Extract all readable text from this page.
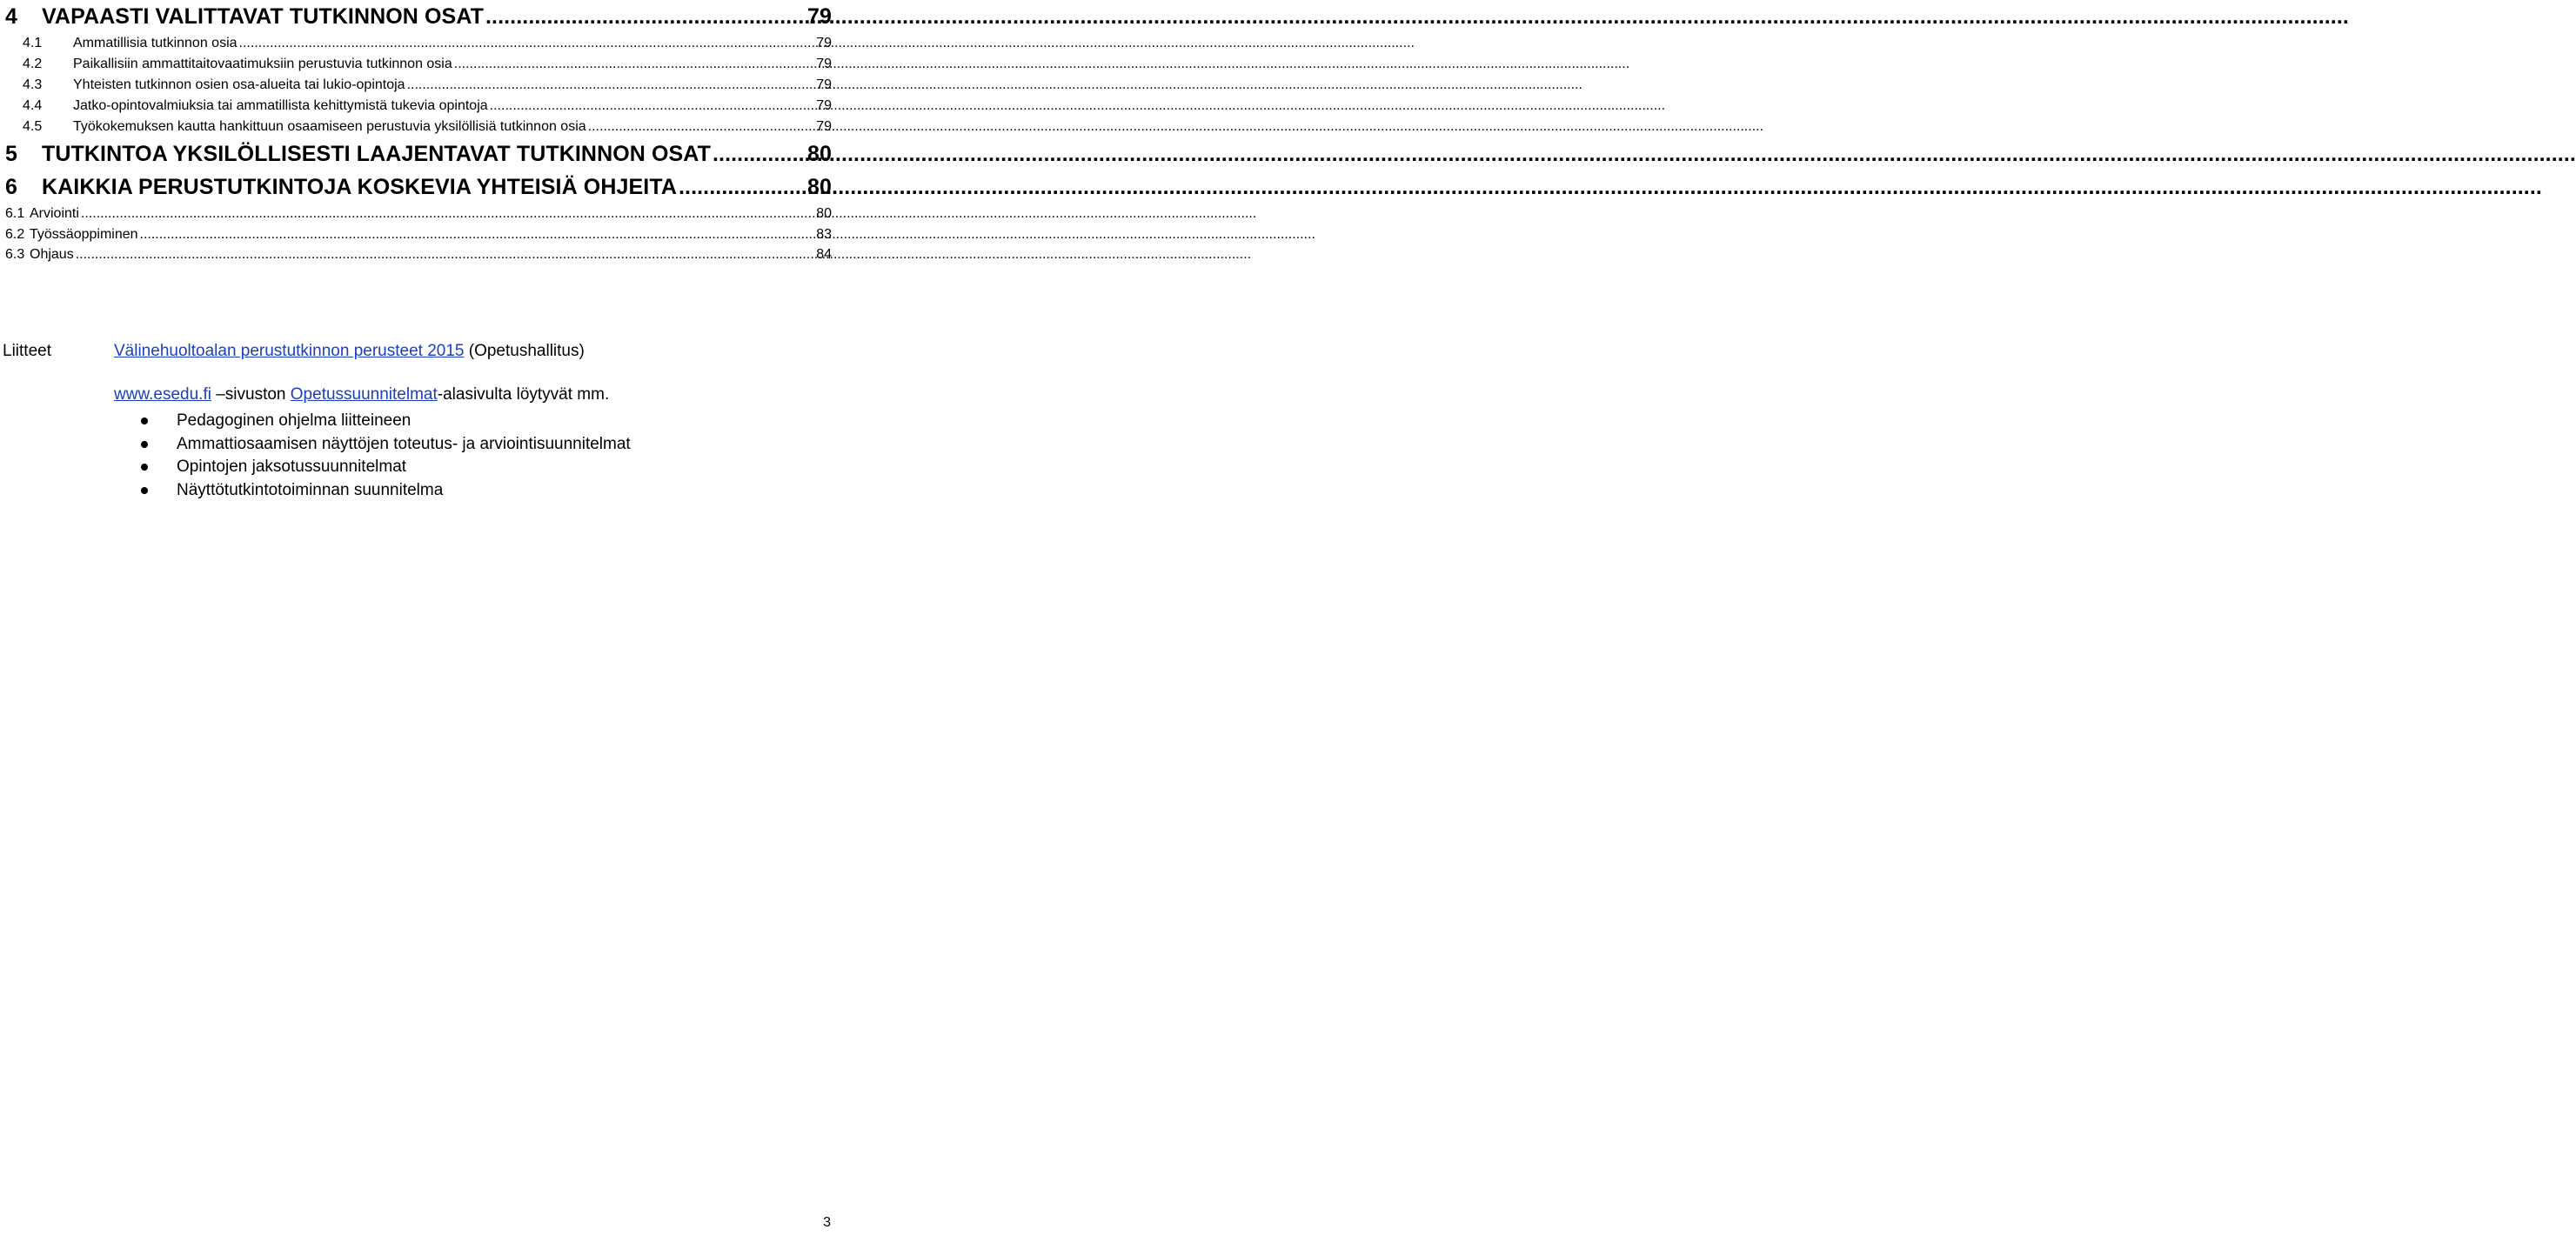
4	VAPAASTI VALITTAVAT TUTKINNON OSAT .....	79
4.1	Ammatillisia tutkinnon osia .....	79
4.2	Paikallisiin ammattitaitovaatimuksiin perustuvia tutkinnon osia .....	79
4.3	Yhteisten tutkinnon osien osa-alueita tai lukio-opintoja .....	79
4.4	Jatko-opintovalmiuksia tai ammatillista kehittymistä tukevia opintoja .....	79
4.5	Työkokemuksen kautta hankittuun osaamiseen perustuvia yksilöllisiä tutkinnon osia .....	79
5	TUTKINTOA YKSILÖLLISESTI LAAJENTAVAT TUTKINNON OSAT .....	80
6	KAIKKIA PERUSTUTKINTOJA KOSKEVIA YHTEISIÄ OHJEITA .....	80
6.1 Arviointi .....	80
6.2 Työssäoppiminen .....	83
6.3 Ohjaus .....	84
Liitteet	Välinehuoltoalan perustutkinnon perusteet 2015 (Opetushallitus)
www.esedu.fi –sivuston Opetussuunnitelmat-alasivulta löytyvät mm.
Pedagoginen ohjelma liitteineen
Ammattiosaamisen näyttöjen toteutus- ja arviointisuunnitelmat
Opintojen jaksotussuunnitelmat
Näyttötutkintotoiminnan suunnitelma
3
